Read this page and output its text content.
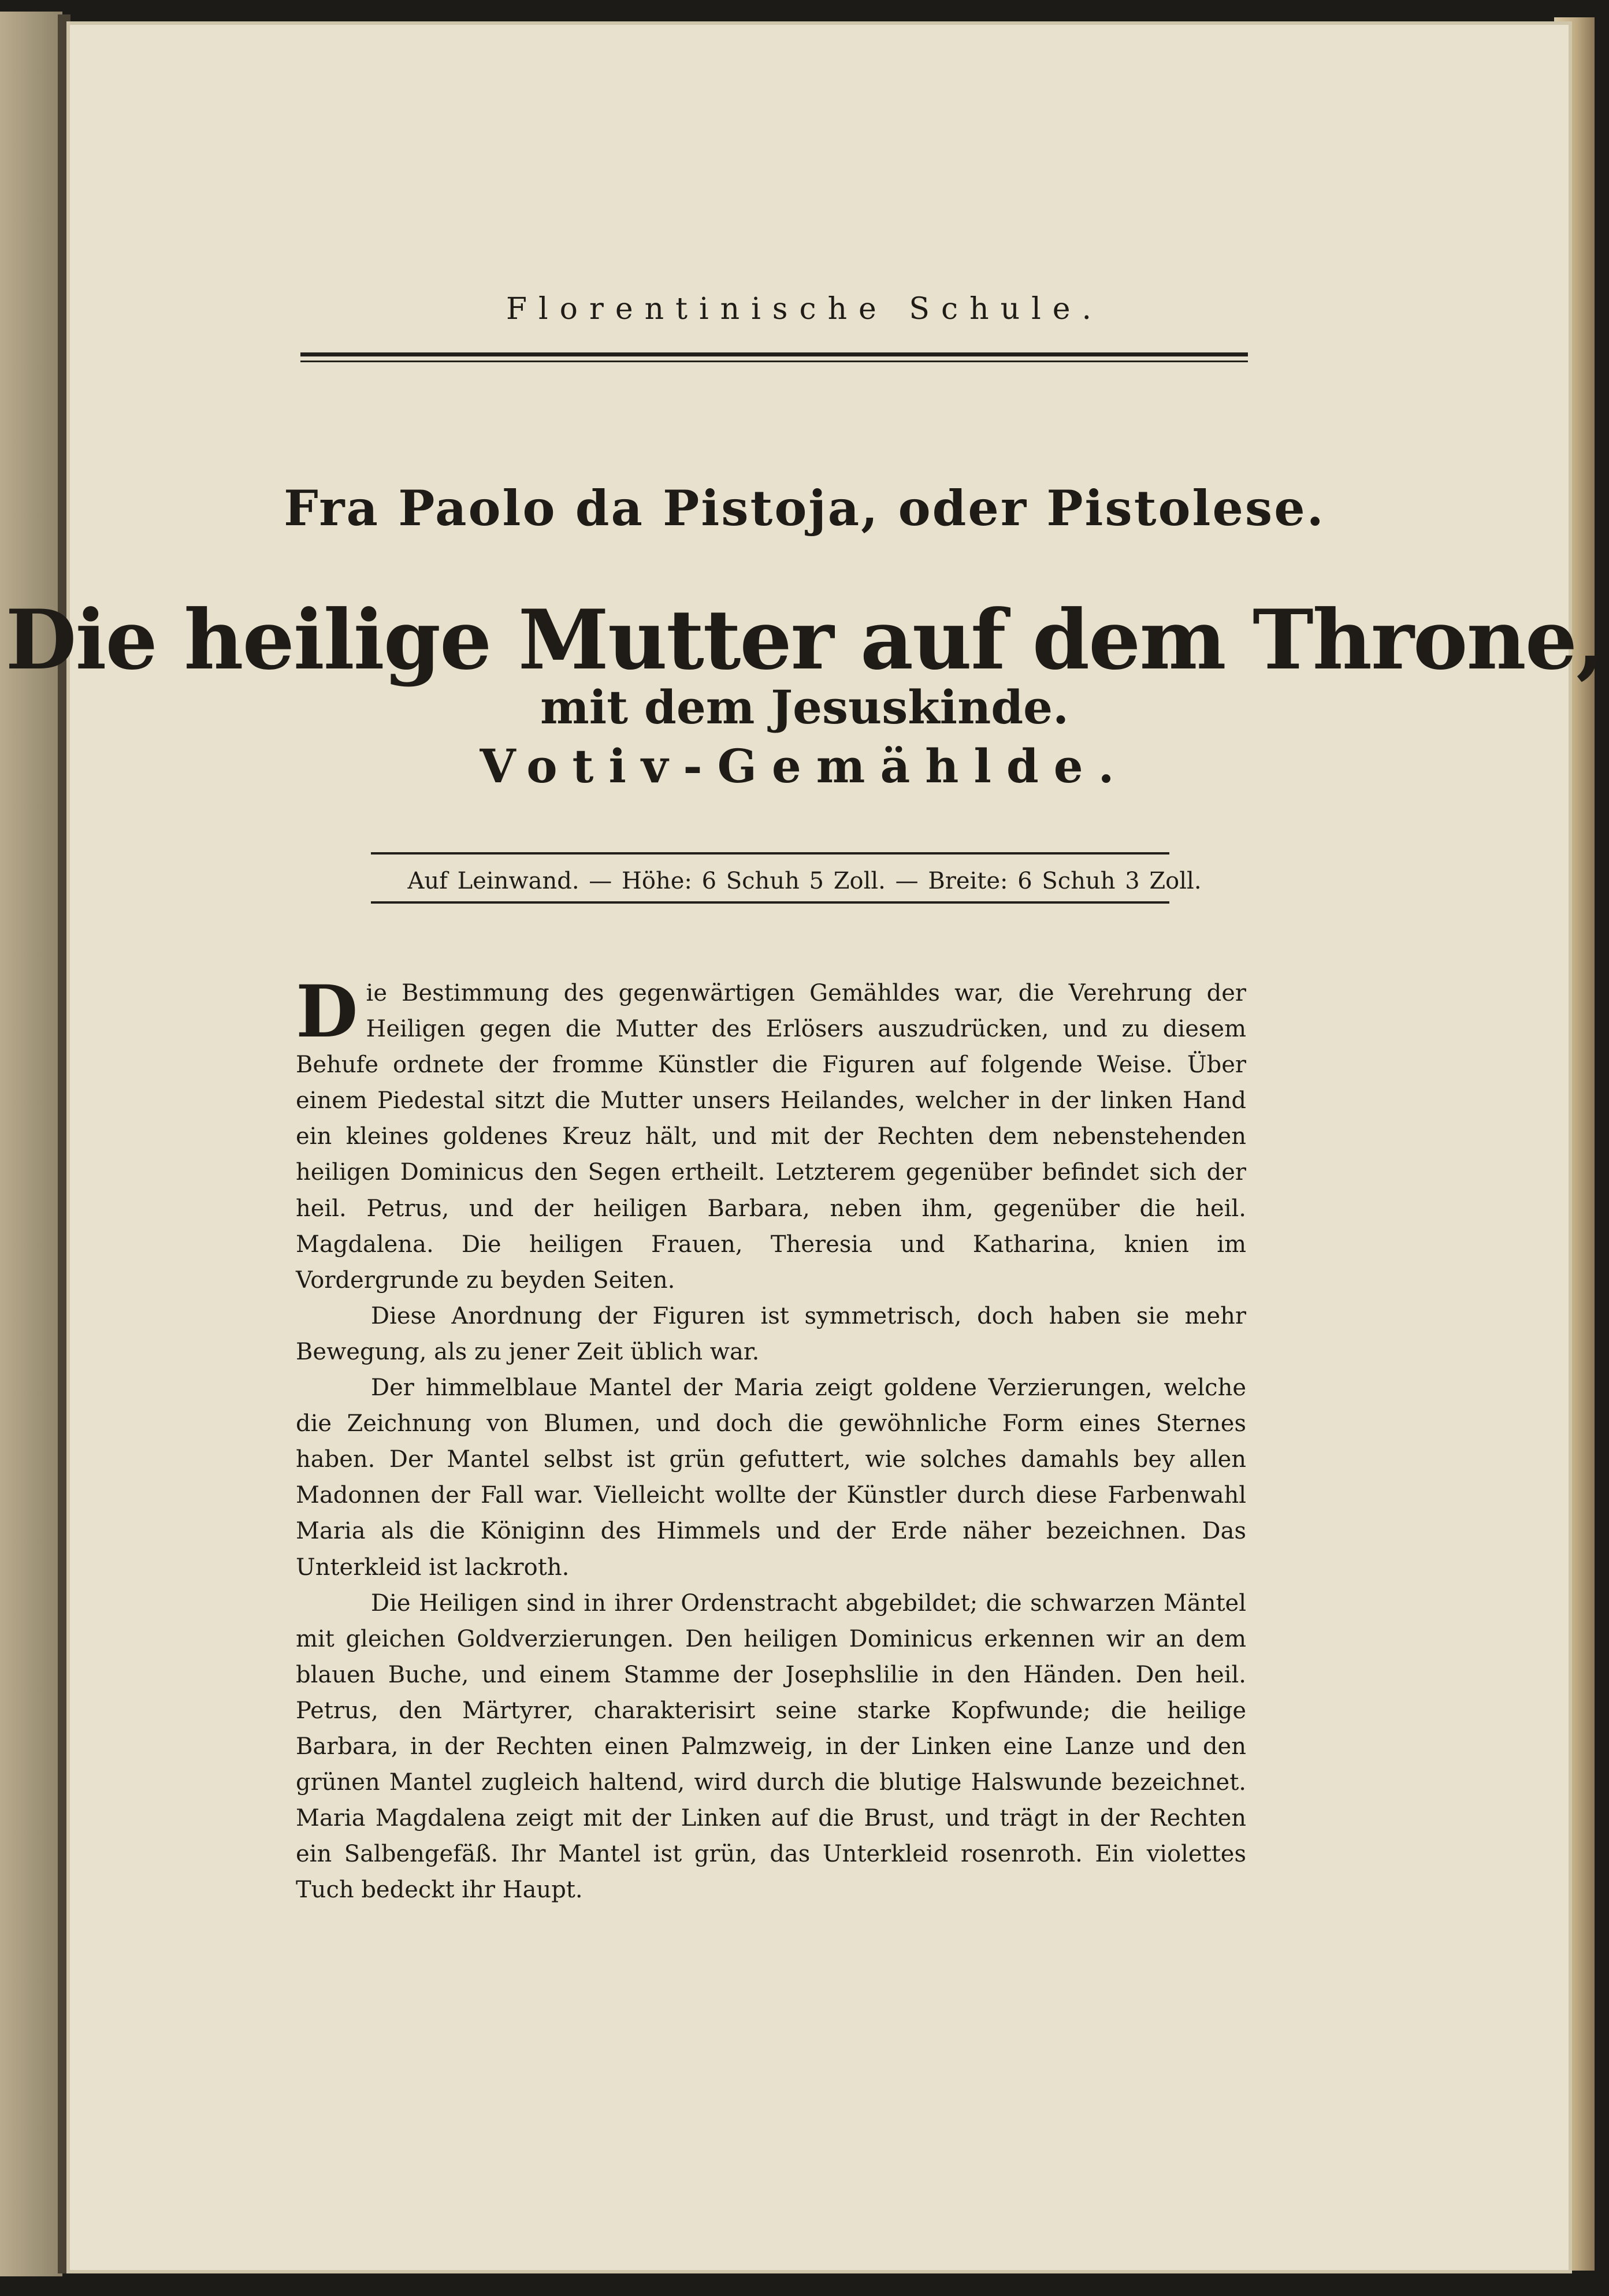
Florentinische Schule.
Fra Paolo da Pistoja, oder Pistolese.
Die heilige Mutter auf dem Throne,
mit dem Jesuskinde.
Votiv-Gemählde.
Auf Leinwand. — Höhe: 6 Schuh 5 Zoll. — Breite: 6 Schuh 3 Zoll.

Die Bestimmung des gegenwärtigen Gemähldes war, die Verehrung der Heiligen gegen die Mutter des Erlösers auszudrücken, und zu diesem Behufe ordnete der fromme Künstler die Figuren auf folgende Weise. Über einem Piedestal sitzt die Mutter unsers Heilandes, welcher in der linken Hand ein kleines goldenes Kreuz hält, und mit der Rechten dem nebenstehenden heiligen Dominicus den Segen ertheilt. Letzterem gegenüber befindet sich der heil. Petrus, und der heiligen Barbara, neben ihm, gegenüber die heil. Magdalena. Die heiligen Frauen, Theresia und Katharina, knien im Vordergrunde zu beyden Seiten.

Diese Anordnung der Figuren ist symmetrisch, doch haben sie mehr Bewegung, als zu jener Zeit üblich war.

Der himmelblaue Mantel der Maria zeigt goldene Verzierungen, welche die Zeichnung von Blumen, und doch die gewöhnliche Form eines Sternes haben. Der Mantel selbst ist grün gefuttert, wie solches damahls bey allen Madonnen der Fall war. Vielleicht wollte der Künstler durch diese Farbenwahl Maria als die Königinn des Himmels und der Erde näher bezeichnen. Das Unterkleid ist lackroth.

Die Heiligen sind in ihrer Ordenstracht abgebildet; die schwarzen Mäntel mit gleichen Goldverzierungen. Den heiligen Dominicus erkennen wir an dem blauen Buche, und einem Stamme der Josephslilie in den Händen. Den heil. Petrus, den Märtyrer, charakterisirt seine starke Kopfwunde; die heilige Barbara, in der Rechten einen Palmzweig, in der Linken eine Lanze und den grünen Mantel zugleich haltend, wird durch die blutige Halswunde bezeichnet. Maria Magdalena zeigt mit der Linken auf die Brust, und trägt in der Rechten ein Salbengefäß. Ihr Mantel ist grün, das Unterkleid rosenroth. Ein violettes Tuch bedeckt ihr Haupt.
